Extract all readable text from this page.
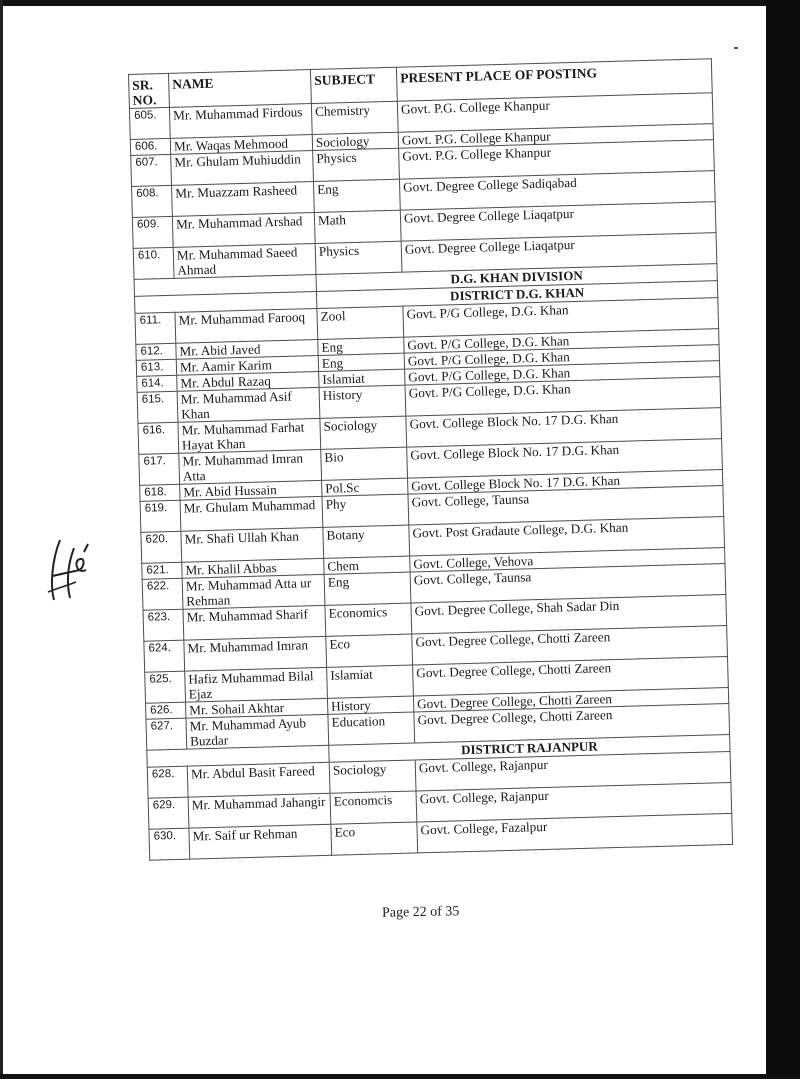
SR. NO.	NAME	SUBJECT	PRESENT PLACE OF POSTING
605.	Mr. Muhammad Firdous	Chemistry	Govt. P.G. College Khanpur
606.	Mr. Waqas Mehmood	Sociology	Govt. P.G. College Khanpur
607.	Mr. Ghulam Muhiuddin	Physics	Govt. P.G. College Khanpur
608.	Mr. Muazzam Rasheed	Eng	Govt. Degree College Sadiqabad
609.	Mr. Muhammad Arshad	Math	Govt. Degree College Liaqatpur
610.	Mr. Muhammad Saeed Ahmad	Physics	Govt. Degree College Liaqatpur
		D.G. KHAN DIVISION	
		DISTRICT D.G. KHAN	
611.	Mr. Muhammad Farooq	Zool	Govt. P/G College, D.G. Khan
612.	Mr. Abid Javed	Eng	Govt. P/G College, D.G. Khan
613.	Mr. Aamir Karim	Eng	Govt. P/G College, D.G. Khan
614.	Mr. Abdul Razaq	Islamiat	Govt. P/G College, D.G. Khan
615.	Mr. Muhammad Asif Khan	History	Govt. P/G College, D.G. Khan
616.	Mr. Muhammad Farhat Hayat Khan	Sociology	Govt. College Block No. 17 D.G. Khan
617.	Mr. Muhammad Imran Atta	Bio	Govt. College Block No. 17 D.G. Khan
618.	Mr. Abid Hussain	Pol.Sc	Govt. College Block No. 17 D.G. Khan
619.	Mr. Ghulam Muhammad	Phy	Govt. College, Taunsa
620.	Mr. Shafi Ullah Khan	Botany	Govt. Post Gradaute College, D.G. Khan
621.	Mr. Khalil Abbas	Chem	Govt. College, Vehova
622.	Mr. Muhammad Atta ur Rehman	Eng	Govt. College, Taunsa
623.	Mr. Muhammad Sharif	Economics	Govt. Degree College, Shah Sadar Din
624.	Mr. Muhammad Imran	Eco	Govt. Degree College, Chotti Zareen
625.	Hafiz Muhammad Bilal Ejaz	Islamiat	Govt. Degree College, Chotti Zareen
626.	Mr. Sohail Akhtar	History	Govt. Degree College, Chotti Zareen
627.	Mr. Muhammad Ayub Buzdar	Education	Govt. Degree College, Chotti Zareen
		DISTRICT RAJANPUR	
628.	Mr. Abdul Basit Fareed	Sociology	Govt. College, Rajanpur
629.	Mr. Muhammad Jahangir	Economcis	Govt. College, Rajanpur
630.	Mr. Saif ur Rehman	Eco	Govt. College, Fazalpur
Page 22 of 35
